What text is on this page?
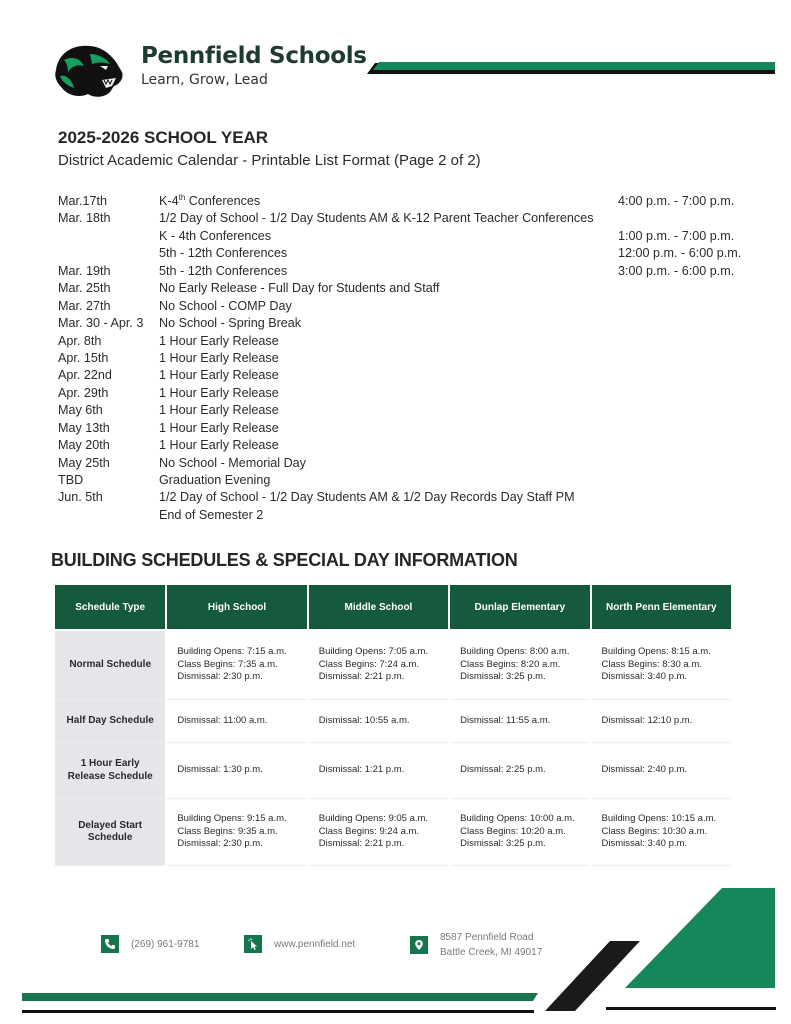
Pennfield Schools
Learn, Grow, Lead
2025-2026 SCHOOL YEAR
District Academic Calendar - Printable List Format (Page 2 of 2)
Mar.17th	K-4th Conferences	4:00 p.m. - 7:00 p.m.
Mar. 18th	1/2 Day of School - 1/2 Day Students AM & K-12 Parent Teacher Conferences
K - 4th Conferences	1:00 p.m. - 7:00 p.m.
5th - 12th Conferences	12:00 p.m. - 6:00 p.m.
Mar. 19th	5th - 12th Conferences	3:00 p.m. - 6:00 p.m.
Mar. 25th	No Early Release - Full Day for Students and Staff
Mar. 27th	No School - COMP Day
Mar. 30 - Apr. 3 No School - Spring Break
Apr. 8th	1 Hour Early Release
Apr. 15th	1 Hour Early Release
Apr. 22nd	1 Hour Early Release
Apr. 29th	1 Hour Early Release
May 6th	1 Hour Early Release
May 13th	1 Hour Early Release
May 20th	1 Hour Early Release
May 25th	No School - Memorial Day
TBD	Graduation Evening
Jun. 5th	1/2 Day of School - 1/2 Day Students AM & 1/2 Day Records Day Staff PM
End of Semester 2
BUILDING SCHEDULES & SPECIAL DAY INFORMATION
Schedule Type	High School	Middle School	Dunlap Elementary	North Penn Elementary
Normal Schedule	Building Opens: 7:15 a.m.
Class Begins: 7:35 a.m.
Dismissal: 2:30 p.m.	Building Opens: 7:05 a.m.
Class Begins: 7:24 a.m.
Dismissal: 2:21 p.m.	Building Opens: 8:00 a.m.
Class Begins: 8:20 a.m.
Dismissal: 3:25 p.m.	Building Opens: 8:15 a.m.
Class Begins: 8:30 a.m.
Dismissal: 3:40 p.m.

Half Day Schedule	Dismissal: 11:00 a.m.	Dismissal: 10:55 a.m.	Dismissal: 11:55 a.m.	Dismissal: 12:10 p.m.

1 Hour Early
Release Schedule	Dismissal: 1:30 p.m.	Dismissal: 1:21 p.m.	Dismissal: 2:25 p.m.	Dismissal: 2:40 p.m.

Delayed Start
Schedule	Building Opens: 9:15 a.m.
Class Begins: 9:35 a.m.
Dismissal: 2:30 p.m.	Building Opens: 9:05 a.m.
Class Begins: 9:24 a.m.
Dismissal: 2:21 p.m.	Building Opens: 10:00 a.m.
Class Begins: 10:20 a.m.
Dismissal: 3:25 p.m.	Building Opens: 10:15 a.m.
Class Begins: 10:30 a.m.
Dismissal: 3:40 p.m.
(269) 961-9781	www.pennfield.net
8587 Pennfield Road
Battle Creek, MI 49017
